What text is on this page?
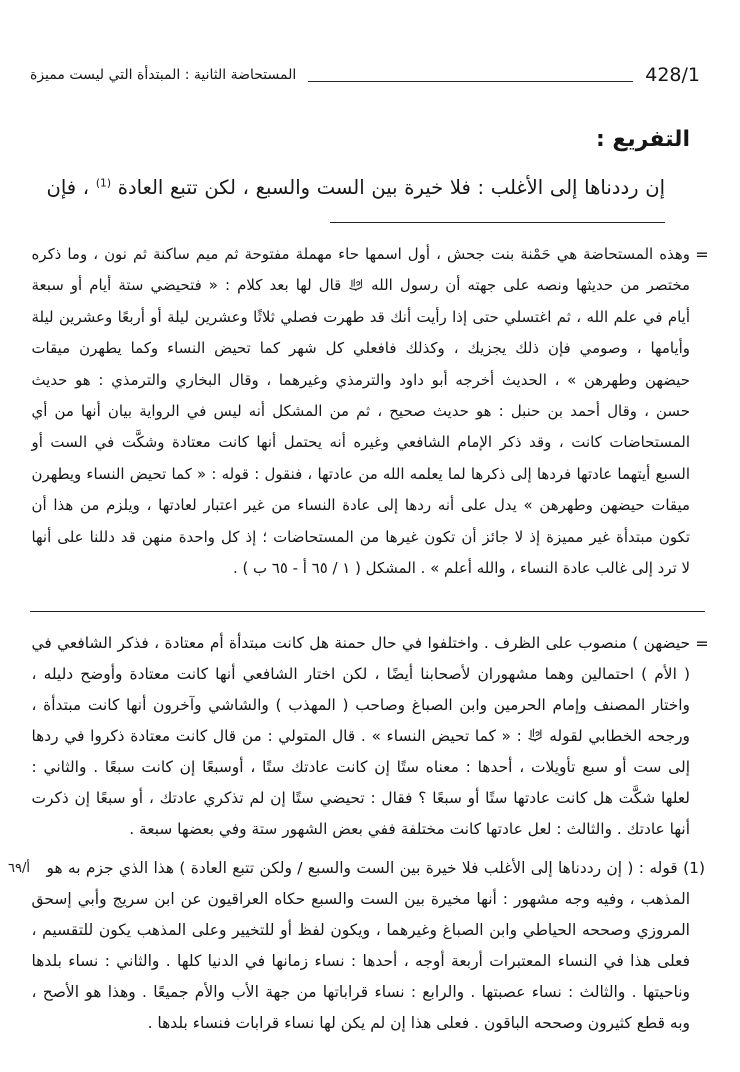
428/1
المستحاضة الثانية : المبتدأة التي ليست مميزة
التفريع :
إن رددناها إلى الأغلب : فلا خيرة بين الست والسبع ، لكن تتبع العادة $^{(1)}$ ، فإن
=
وهذه المستحاضة هي حَمْنة بنت جحش ، أول اسمها حاء مهملة مفتوحة ثم ميم ساكنة ثم نون ، وما ذكره
مختصر من حديثها ونصه على جهته أن رسول الله
قال لها بعد كلام : « فتحيضي ستة أيام أو سبعة
أيام في علم الله ، ثم اغتسلي حتى إذا رأيت أنك قد طهرت فصلي ثلاثًا وعشرين ليلة أو أربعًا وعشرين ليلة
وأيامها ، وصومي فإن ذلك يجزيك ، وكذلك فافعلي كل شهر كما تحيض النساء وكما يطهرن ميقات
حيضهن وطهرهن » ، الحديث أخرجه أبو داود والترمذي وغيرهما ، وقال البخاري والترمذي : هو حديث
حسن ، وقال أحمد بن حنبل : هو حديث صحيح ، ثم من المشكل أنه ليس في الرواية بيان أنها من أي
المستحاضات كانت ، وقد ذكر الإمام الشافعي وغيره أنه يحتمل أنها كانت معتادة وشكَّت في الست أو
السبع أيتهما عادتها فردها إلى ذكرها لما يعلمه الله من عادتها ، فنقول : قوله : « كما تحيض النساء ويطهرن
ميقات حيضهن وطهرهن » يدل على أنه ردها إلى عادة النساء من غير اعتبار لعادتها ، ويلزم من هذا أن
تكون مبتدأة غير مميزة إذ لا جائز أن تكون غيرها من المستحاضات ؛ إذ كل واحدة منهن قد دللنا على أنها
لا ترد إلى غالب عادة النساء ، والله أعلم » . المشكل ( ١ / ٦٥ أ - ٦٥ ب ) .
=
حيضهن ) منصوب على الظرف . واختلفوا في حال حمنة هل كانت مبتدأة أم معتادة ، فذكر الشافعي في
( الأم ) احتمالين وهما مشهوران لأصحابنا أيضًا ، لكن اختار الشافعي أنها كانت معتادة وأوضح دليله ،
واختار المصنف وإمام الحرمين وابن الصباغ وصاحب ( المهذب ) والشاشي وآخرون أنها كانت مبتدأة ،
ورجحه الخطابي لقوله
: « كما تحيض النساء » . قال المتولي : من قال كانت معتادة ذكروا في ردها
إلى ست أو سبع تأويلات ، أحدها : معناه ستًا إن كانت عادتك ستًا ، أوسبعًا إن كانت سبعًا . والثاني :
لعلها شكَّت هل كانت عادتها ستًا أو سبعًا ؟ فقال : تحيضي ستًا إن لم تذكري عادتك ، أو سبعًا إن ذكرت
أنها عادتك . والثالث : لعل عادتها كانت مختلفة ففي بعض الشهور ستة وفي بعضها سبعة .
٦٩/أ	(1) قوله : ( إن رددناها إلى الأغلب فلا خيرة بين الست والسبع / ولكن تتبع العادة ) هذا الذي جزم به هو
المذهب ، وفيه وجه مشهور : أنها مخيرة بين الست والسبع حكاه العراقيون عن ابن سريج وأبي إسحق
المروزي وصححه الحياطي وابن الصباغ وغيرهما ، ويكون لفظ أو للتخيير وعلى المذهب يكون للتقسيم ،
فعلى هذا في النساء المعتبرات أربعة أوجه ، أحدها : نساء زمانها في الدنيا كلها . والثاني : نساء بلدها
وناحيتها . والثالث : نساء عصبتها . والرابع : نساء قراباتها من جهة الأب والأم جميعًا . وهذا هو الأصح ،
وبه قطع كثيرون وصححه الباقون . فعلى هذا إن لم يكن لها نساء قرابات فنساء بلدها .
